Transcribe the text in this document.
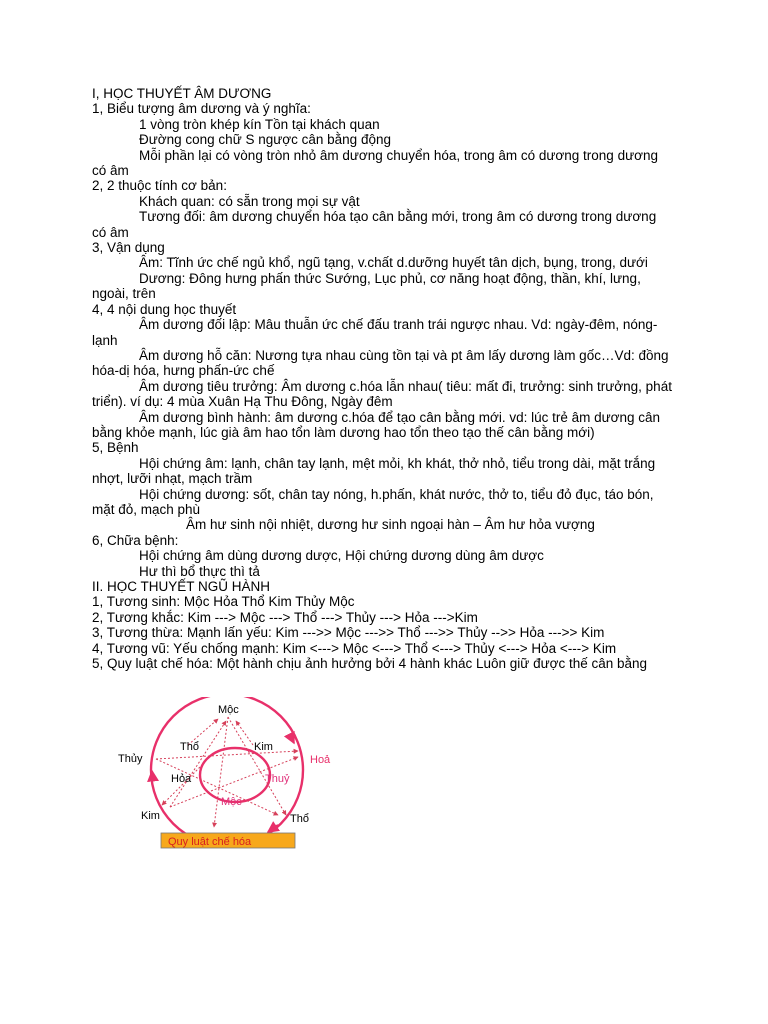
I, HỌC THUYẾT ÂM DƯƠNG
1, Biểu tượng âm dương và ý nghĩa:
1 vòng tròn khép kín Tồn tại khách quan
Đường cong chữ S ngược cân bằng động
Mỗi phần lại có vòng tròn nhỏ âm dương chuyển hóa, trong âm có dương trong dương có âm
2, 2 thuộc tính cơ bản:
Khách quan: có sẵn trong mọi sự vật
Tương đối: âm dương chuyển hóa tạo cân bằng mới, trong âm có dương trong dương có âm
3, Vận dụng
Âm: Tĩnh ức chế ngủ khổ, ngũ tạng, v.chất d.dưỡng huyết tân dịch, bụng, trong, dưới
Dương: Đông hưng phấn thức Sướng, Lục phủ, cơ năng hoạt động, thần, khí, lưng, ngoài, trên
4, 4 nội dung học thuyết
Âm dương đối lập: Mâu thuẫn ức chế đấu tranh trái ngược nhau. Vd: ngày-đêm, nóng-lạnh
Âm dương hỗ căn: Nương tựa nhau cùng tồn tại và pt âm lấy dương làm gốc…Vd: đồng hóa-dị hóa, hưng phấn-ức chế
Âm dương tiêu trưởng: Âm dương c.hóa lẫn nhau( tiêu: mất đi, trưởng: sinh trưởng, phát triển). ví dụ: 4 mùa Xuân Hạ Thu Đông, Ngày đêm
Âm dương bình hành: âm dương c.hóa để tạo cân bằng mới. vd: lúc trẻ âm dương cân bằng khỏe mạnh, lúc già âm hao tổn làm dương hao tổn theo tạo thế cân bằng mới)
5, Bệnh
Hội chứng âm: lạnh, chân tay lạnh, mệt mỏi, kh khát, thở nhỏ, tiểu trong dài, mặt trắng nhợt, lưỡi nhạt, mạch trầm
Hội chứng dương: sốt, chân tay nóng, h.phấn, khát nước, thở to, tiểu đỏ đục, táo bón, mặt đỏ, mạch phù
Âm hư sinh nội nhiệt, dương hư sinh ngoại hàn – Âm hư hỏa vượng
6, Chữa bệnh:
Hội chứng âm dùng dương dược, Hội chứng dương dùng âm dược
Hư thì bổ thực thì tả
II. HỌC THUYẾT NGŨ HÀNH
1, Tương sinh: Mộc Hỏa Thổ Kim Thủy Mộc
2, Tương khắc: Kim ---> Mộc ---> Thổ ---> Thủy ---> Hỏa --->Kim
3, Tương thừa: Mạnh lấn yếu: Kim --->> Mộc --->> Thổ --->> Thủy -->> Hỏa --->> Kim
4, Tương vũ: Yếu chống mạnh: Kim <---> Mộc <---> Thổ <---> Thủy <---> Hỏa <---> Kim
5, Quy luật chế hóa: Một hành chịu ảnh hưởng bởi 4 hành khác Luôn giữ được thế cân bằng
Mộc
Hoả
Thổ
Kim
Thủy
Thổ	Kim
Thuỷ
Mộc
Hỏa
Quy luật chế hóa
